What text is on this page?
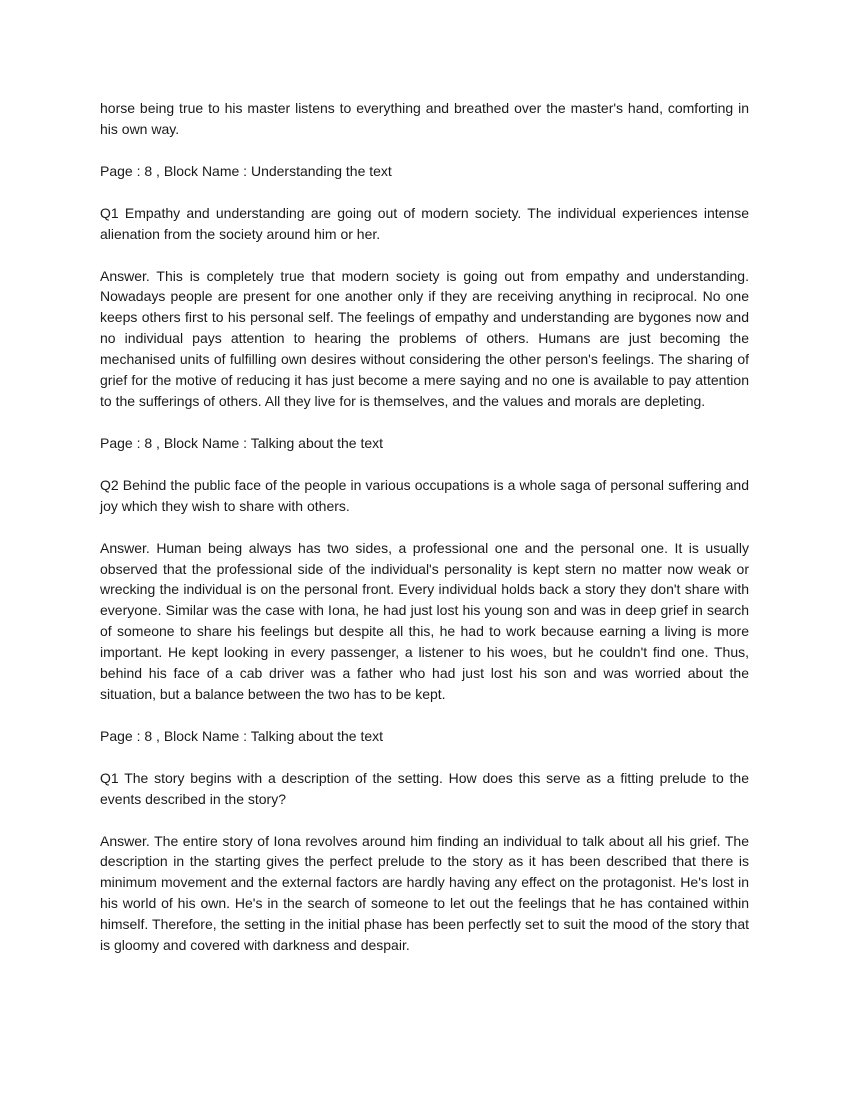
horse being true to his master listens to everything and breathed over the master's hand, comforting in his own way.

Page : 8 , Block Name : Understanding the text

Q1 Empathy and understanding are going out of modern society. The individual experiences intense alienation from the society around him or her.

Answer. This is completely true that modern society is going out from empathy and understanding. Nowadays people are present for one another only if they are receiving anything in reciprocal. No one keeps others first to his personal self. The feelings of empathy and understanding are bygones now and no individual pays attention to hearing the problems of others. Humans are just becoming the mechanised units of fulfilling own desires without considering the other person's feelings. The sharing of grief for the motive of reducing it has just become a mere saying and no one is available to pay attention to the sufferings of others. All they live for is themselves, and the values and morals are depleting.

Page : 8 , Block Name : Talking about the text

Q2 Behind the public face of the people in various occupations is a whole saga of personal suffering and joy which they wish to share with others.

Answer. Human being always has two sides, a professional one and the personal one. It is usually observed that the professional side of the individual's personality is kept stern no matter now weak or wrecking the individual is on the personal front. Every individual holds back a story they don't share with everyone. Similar was the case with Iona, he had just lost his young son and was in deep grief in search of someone to share his feelings but despite all this, he had to work because earning a living is more important. He kept looking in every passenger, a listener to his woes, but he couldn't find one. Thus, behind his face of a cab driver was a father who had just lost his son and was worried about the situation, but a balance between the two has to be kept.

Page : 8 , Block Name : Talking about the text

Q1 The story begins with a description of the setting. How does this serve as a fitting prelude to the events described in the story?

Answer. The entire story of Iona revolves around him finding an individual to talk about all his grief. The description in the starting gives the perfect prelude to the story as it has been described that there is minimum movement and the external factors are hardly having any effect on the protagonist. He's lost in his world of his own. He's in the search of someone to let out the feelings that he has contained within himself. Therefore, the setting in the initial phase has been perfectly set to suit the mood of the story that is gloomy and covered with darkness and despair.
